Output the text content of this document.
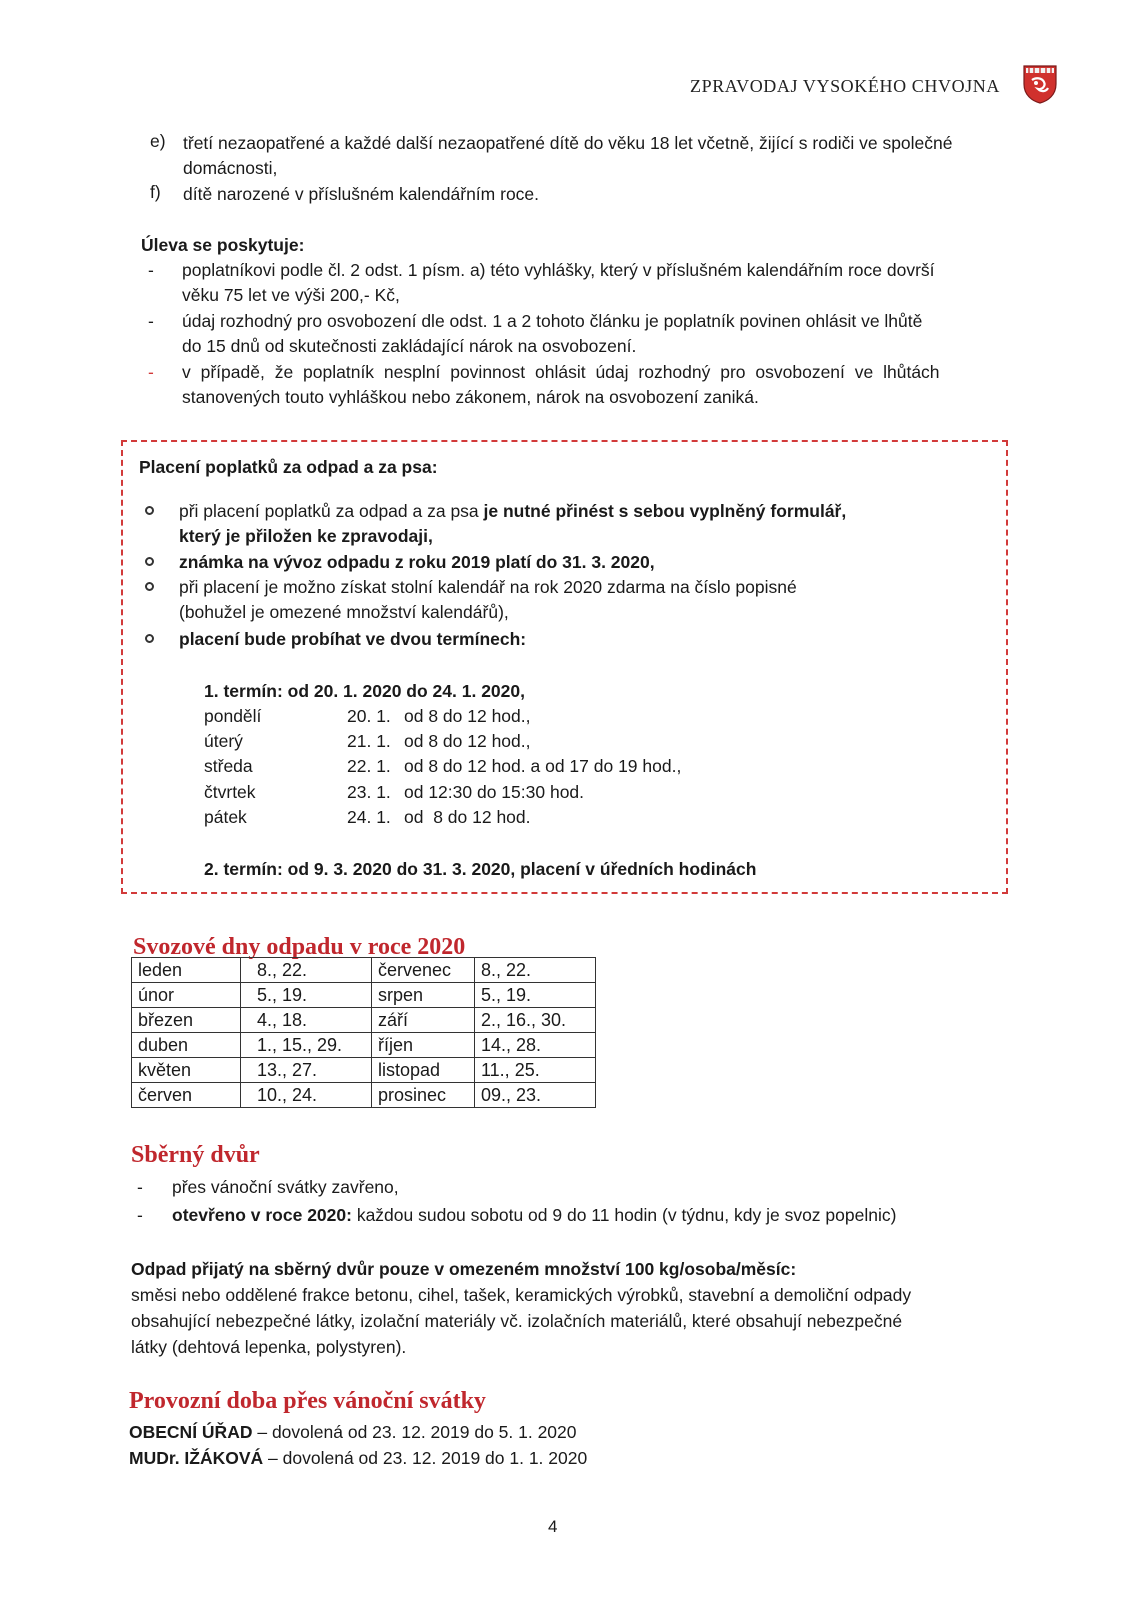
ZPRAVODAJ VYSOKÉHO CHVOJNA
e) třetí nezaopatřené a každé další nezaopatřené dítě do věku 18 let včetně, žijící s rodiči ve společné
domácnosti,
f) dítě narozené v příslušném kalendářním roce.
Úleva se poskytuje:
- poplatníkovi podle čl. 2 odst. 1 písm. a) této vyhlášky, který v příslušném kalendářním roce dovrší
věku 75 let ve výši 200,- Kč,
- údaj rozhodný pro osvobození dle odst. 1 a 2 tohoto článku je poplatník povinen ohlásit ve lhůtě
do 15 dnů od skutečnosti zakládající nárok na osvobození.
- v případě, že poplatník nesplní povinnost ohlásit údaj rozhodný pro osvobození ve lhůtách
stanovených touto vyhláškou nebo zákonem, nárok na osvobození zaniká.
Placení poplatků za odpad a za psa:
při placení poplatků za odpad a za psa je nutné přinést s sebou vyplněný formulář,
který je přiložen ke zpravodaji,
známka na vývoz odpadu z roku 2019 platí do 31. 3. 2020,
při placení je možno získat stolní kalendář na rok 2020 zdarma na číslo popisné
(bohužel je omezené množství kalendářů),
placení bude probíhat ve dvou termínech:
1. termín: od 20. 1. 2020 do 24. 1. 2020,
pondělí	20. 1. od 8 do 12 hod.,
úterý	21. 1. od 8 do 12 hod.,
středa	22. 1. od 8 do 12 hod. a od 17 do 19 hod.,
čtvrtek	23. 1. od 12:30 do 15:30 hod.
pátek	24. 1. od  8 do 12 hod.
2. termín: od 9. 3. 2020 do 31. 3. 2020, placení v úředních hodinách
Svozové dny odpadu v roce 2020
leden	8., 22.	červenec	8., 22.
únor	5., 19.	srpen	5., 19.
březen	4., 18.	září	2., 16., 30.
duben	1., 15., 29.	říjen	14., 28.
květen	13., 27.	listopad	11., 25.
červen	10., 24.	prosinec	09., 23.
Sběrný dvůr
- přes vánoční svátky zavřeno,
- otevřeno v roce 2020: každou sudou sobotu od 9 do 11 hodin (v týdnu, kdy je svoz popelnic)
Odpad přijatý na sběrný dvůr pouze v omezeném množství 100 kg/osoba/měsíc:
směsi nebo oddělené frakce betonu, cihel, tašek, keramických výrobků, stavební a demoliční odpady
obsahující nebezpečné látky, izolační materiály vč. izolačních materiálů, které obsahují nebezpečné
látky (dehtová lepenka, polystyren).
Provozní doba přes vánoční svátky
OBECNÍ ÚŘAD – dovolená od 23. 12. 2019 do 5. 1. 2020
MUDr. IŽÁKOVÁ – dovolená od 23. 12. 2019 do 1. 1. 2020
4
